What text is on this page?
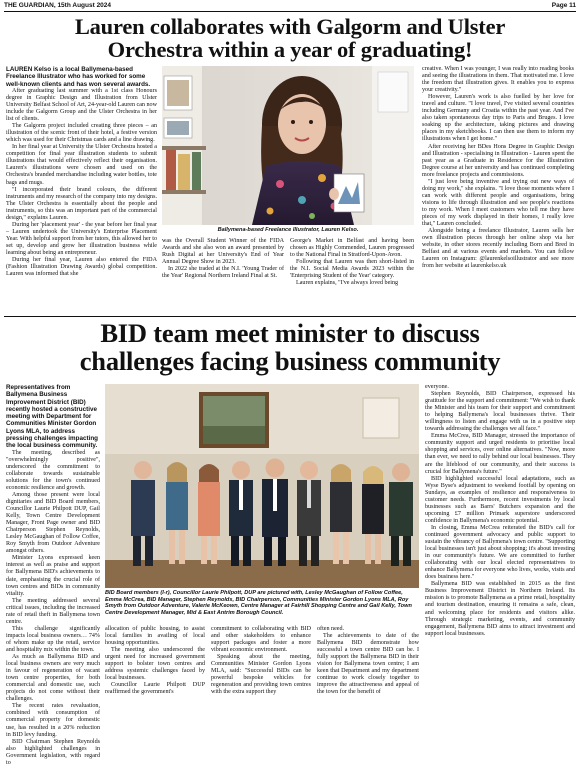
THE GUARDIAN, 15th August 2024	Page 11
Lauren collaborates with Galgorm and Ulster
Orchestra within a year of graduating!

LAUREN Kelso is a local Ballymena-based Freelance Illustrator who has worked for some well-known clients and has won several awards.

After graduating last summer with a 1st class Honours degree in Graphic Design and Illustration from Ulster University Belfast School of Art, 24-year-old Lauren can now include the Galgorm Group and the Ulster Orchestra in her list of clients.

The Galgorm project included creating three pieces – an illustration of the scenic front of their hotel, a festive version which was used for their Christmas cards and a line drawing.

In her final year at University the Ulster Orchestra hosted a competition for final year illustration students to submit illustrations that would effectively reflect their organisation. Lauren's illustrations were chosen and used on the Orchestra's branded merchandise including water bottles, tote bags and mugs.

"I incorporated their brand colours, the different instruments and my research of the company into my designs. The Ulster Orchestra is essentially about the people and instruments, so this was an important part of the commercial design," explains Lauren.

During her 'placement year' - the year before her final year – Lauren undertook the University's Enterprise Placement Year. With helpful support from her tutors, this allowed her to set up, develop and grow her illustration business while learning about being an entrepreneur.

During her final year, Lauren also entered the FIDA (Fashion Illustration Drawing Awards) global competition. Lauren was informed that she

Ballymena-based Freelance Illustrator, Lauren Kelso.

was the Overall Student Winner of the FIDA Awards and she also won an award presented by Rush Digital at her University's End of Year Annual Degree Show in 2023.

In 2022 she traded at the N.I. 'Young Trader of the Year' Regional Northern Ireland Final at St.

George's Market in Belfast and having been chosen as Highly Commended, Lauren progressed to the National Final in Stratford-Upon-Avon.

Following that Lauren was then short-listed in the N.I. Social Media Awards 2023 within the 'Enterprising Student of the Year' category.

Lauren explains, "I've always loved being

creative. When I was younger, I was really into reading books and seeing the illustrations in them. That motivated me. I love the freedom that illustration gives. It enables you to express your creativity."

However, Lauren's work is also fuelled by her love for travel and culture. "I love travel, I've visited several countries including Germany and Croatia within the past year. And I've also taken spontaneous day trips to Paris and Bruges. I love soaking up the architecture, taking pictures and drawing places in my sketchbooks. I can then use them to inform my illustrations when I get home."

After receiving her BDes Hons Degree in Graphic Design and Illustration - specialising in Illustration - Lauren spent the past year as a Graduate in Residence for the Illustration Degree course at her university and has continued completing more freelance projects and commissions.

"I just love being inventive and trying out new ways of doing my work," she explains. "I love those moments where I can work with different people and organisations, bring visions to life through illustration and see people's reactions to my work. When I meet customers who tell me they have pieces of my work displayed in their homes, I really love that," Lauren concluded.

Alongside being a freelance Illustrator, Lauren sells her own illustration pieces through her online shop via her website, in other stores recently including Born and Bred in Belfast and at various events and markets. You can follow Lauren on Instagram: @laurenkelsoillustrator and see more from her website at laurenkelso.uk

BID team meet minister to discuss
challenges facing business community

Representatives from Ballymena Business Improvement District (BID) recently hosted a constructive meeting with Department for Communities Minister Gordon Lyons MLA, to address pressing challenges impacting the local business community.

The meeting, described as "overwhelmingly positive", underscored the commitment to collaborate towards sustainable solutions for the town's continued economic resilience and growth.

Among those present were local dignitaries and BID Board members, Councillor Laurie Philpott DUP, Gail Kelly, Town Centre Development Manager, Front Page owner and BID Chairperson Stephen Reynolds, Lesley McGaughan of Follow Coffee, Roy Smyth from Outdoor Adventure amongst others.

Minister Lyons expressed keen interest as well as praise and support for Ballymena BID's achievements to date, emphasising the crucial role of town centres and BIDs in community vitality.

The meeting addressed several critical issues, including the increased rate of retail theft in Ballymena town centre.

This challenge significantly impacts local business owners… 74% of whom make up the retail, service and hospitality mix within the town.

As much as Ballymena BID and local business owners are very much in favour of regeneration of vacant town centre properties, for both commercial and domestic use, such projects do not come without their challenges.

The recent rates revaluation, combined with consumption of commercial property for domestic use, has resulted in a 20% reduction in BID levy funding.

BID Chairman Stephen Reynolds also highlighted challenges in Government legislation, with regard to

BID Board members (l-r), Councillor Laurie Philpott, DUP are pictured with, Lesley McGaughan of Follow Coffee, Emma McCrea, BID Manager, Stephen Reynolds, BID Chairperson, Communities Minister Gordon Lyons MLA, Roy Smyth from Outdoor Adventure, Valerie McKeown, Centre Manager at Fairhill Shopping Centre and Gail Kelly, Town Centre Development Manager, Mid & East Antrim Borough Council.

allocation of public housing, to assist local families in availing of local housing opportunities.

The meeting also underscored the urgent need for increased government support to bolster town centres and address systemic challenges faced by local businesses.

Councillor Laurie Philpott DUP reaffirmed the government's

commitment to collaborating with BID and other stakeholders to enhance support packages and foster a more vibrant economic environment.

Speaking about the meeting, Communities Minister Gordon Lyons MLA, said: "Successful BIDs can be powerful bespoke vehicles for regeneration and providing town centres with the extra support they

often need.

The achievements to date of the Ballymena BID demonstrate how successful a town centre BID can be. I fully support the Ballymena BID in their vision for Ballymena town centre; I am keen that Department and my department continue to work closely together to improve the attractiveness and appeal of the town for the benefit of

everyone.

Stephen Reynolds, BID Chairperson, expressed his gratitude for the support and commitment: "We wish to thank the Minister and his team for their support and commitment to helping Ballymena's local businesses thrive. Their willingness to listen and engage with us in a positive step towards addressing the challenges we all face."

Emma McCrea, BID Manager, stressed the importance of community support and urged residents to prioritise local shopping and services, over online alternatives. "Now, more than ever, we need to rally behind our local businesses. They are the lifeblood of our community, and their success is crucial for Ballymena's future."

BID highlighted successful local adaptations, such as Wyse Byse's adjustment to weekend footfall by opening on Sundays, as examples of resilience and responsiveness to customer needs. Furthermore, recent investments by local businesses such as Barrs' Butchers expansion and the upcoming £7 million Primark superstore underscored confidence in Ballymena's economic potential.

In closing, Emma McCrea reiterated the BID's call for continued government advocacy and public support to sustain the vibrancy of Ballymena's town centre. "Supporting local businesses isn't just about shopping; it's about investing in our community's future. We are committed to further collaborating with our local elected representatives to enhance Ballymena for everyone who lives, works, visits and does business here."

Ballymena BID was established in 2015 as the first Business Improvement District in Northern Ireland. Its mission is to promote Ballymena as a prime retail, hospitality and tourism destination, ensuring it remains a safe, clean, and welcoming place for residents and visitors alike. Through strategic marketing, events, and community engagement, Ballymena BID aims to attract investment and support local businesses.
